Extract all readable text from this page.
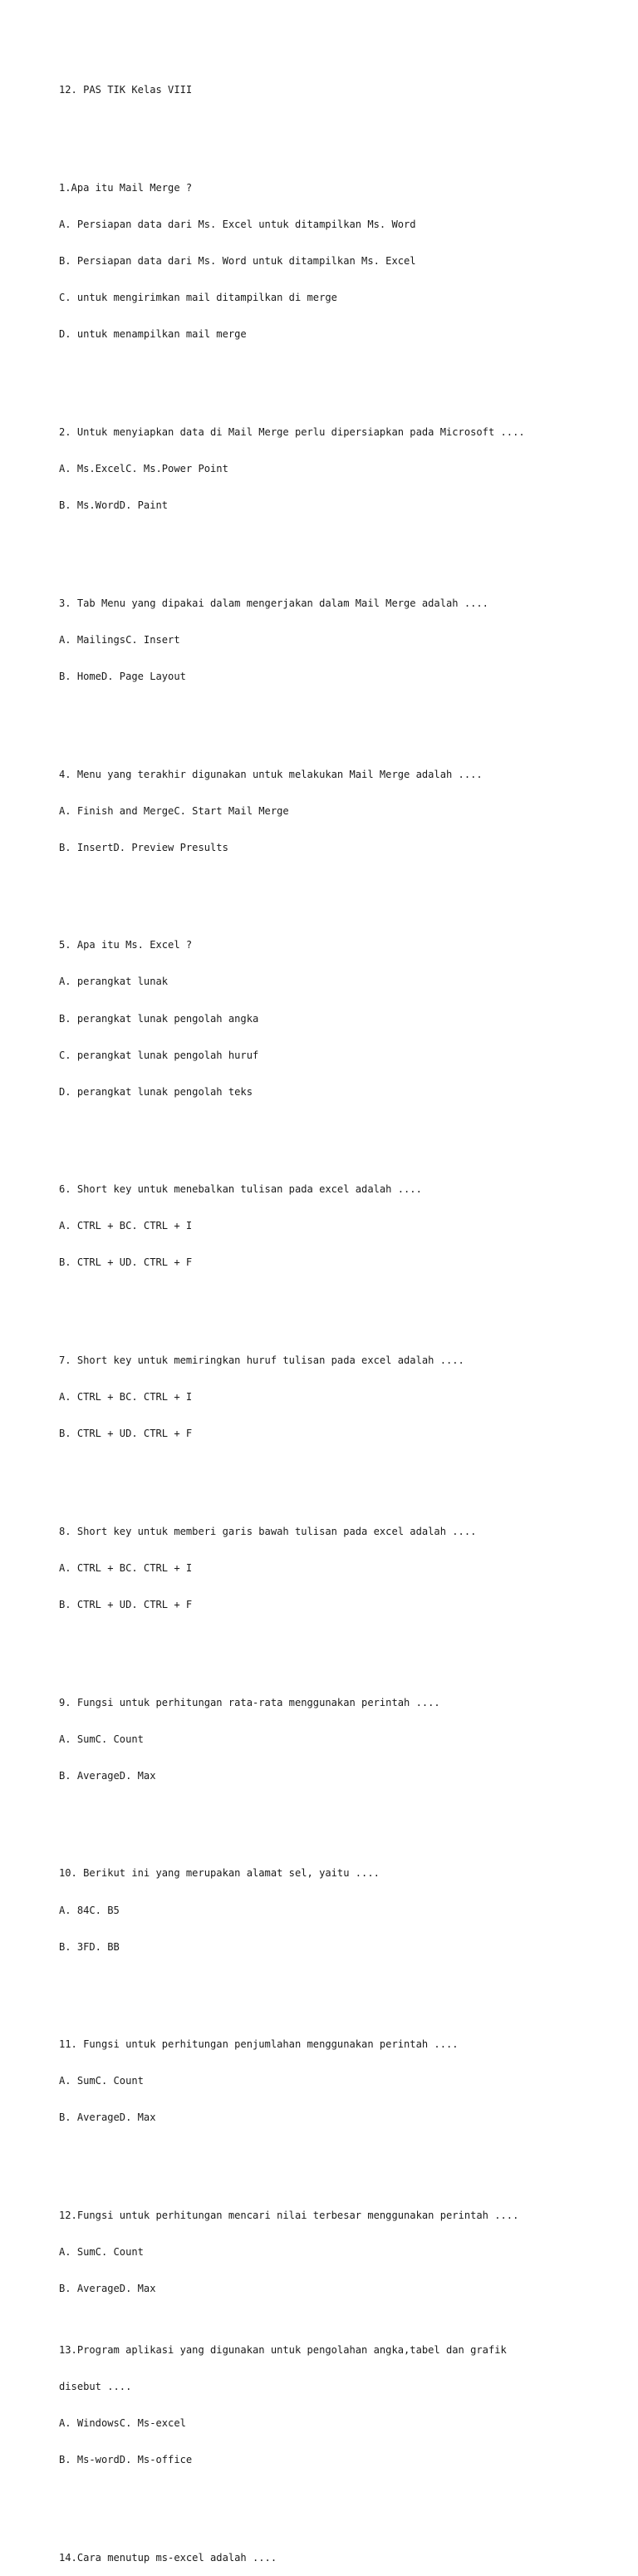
12. PAS TIK Kelas VIII

1.Apa itu Mail Merge ?

A. Persiapan data dari Ms. Excel untuk ditampilkan Ms. Word

B. Persiapan data dari Ms. Word untuk ditampilkan Ms. Excel

C. untuk mengirimkan mail ditampilkan di merge

D. untuk menampilkan mail merge

2. Untuk menyiapkan data di Mail Merge perlu dipersiapkan pada Microsoft ....

A. Ms.ExcelC. Ms.Power Point

B. Ms.WordD. Paint

3. Tab Menu yang dipakai dalam mengerjakan dalam Mail Merge adalah ....

A. MailingsC. Insert

B. HomeD. Page Layout

4. Menu yang terakhir digunakan untuk melakukan Mail Merge adalah ....

A. Finish and MergeC. Start Mail Merge

B. InsertD. Preview Presults

5. Apa itu Ms. Excel ?

A. perangkat lunak

B. perangkat lunak pengolah angka

C. perangkat lunak pengolah huruf

D. perangkat lunak pengolah teks

6. Short key untuk menebalkan tulisan pada excel adalah ....

A. CTRL + BC. CTRL + I

B. CTRL + UD. CTRL + F

7. Short key untuk memiringkan huruf tulisan pada excel adalah ....

A. CTRL + BC. CTRL + I

B. CTRL + UD. CTRL + F

8. Short key untuk memberi garis bawah tulisan pada excel adalah ....

A. CTRL + BC. CTRL + I

B. CTRL + UD. CTRL + F

9. Fungsi untuk perhitungan rata-rata menggunakan perintah ....

A. SumC. Count

B. AverageD. Max

10. Berikut ini yang merupakan alamat sel, yaitu ....

A. 84C. B5

B. 3FD. BB

11. Fungsi untuk perhitungan penjumlahan menggunakan perintah ....

A. SumC. Count

B. AverageD. Max

12.Fungsi untuk perhitungan mencari nilai terbesar menggunakan perintah ....

A. SumC. Count

B. AverageD. Max

13.Program aplikasi yang digunakan untuk pengolahan angka,tabel dan grafik

disebut ....

A. WindowsC. Ms-excel

B. Ms-wordD. Ms-office

14.Cara menutup ms-excel adalah ....
